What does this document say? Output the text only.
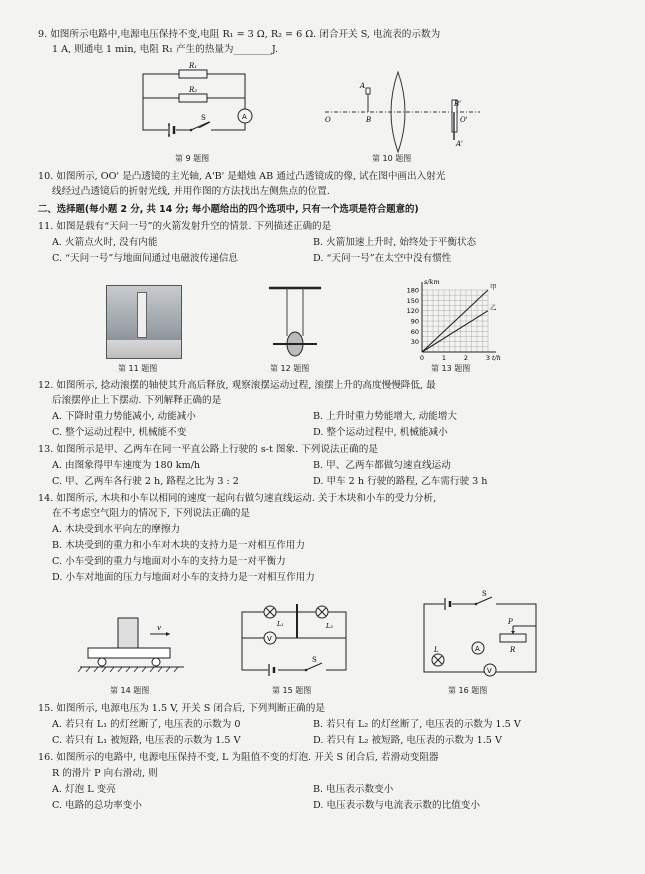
9. 如图所示电路中,电源电压保持不变,电阻 R₁ = 3 Ω, R₂ = 6 Ω. 闭合开关 S, 电流表的示数为
1 A, 则通电 1 min, 电阻 R₁ 产生的热量为________J.
R₁
R₂
A
S
第 9 题图
O	O'
A
B
B'
A'
第 10 题图
10. 如图所示, OO' 是凸透镜的主光轴, A'B' 是蜡烛 AB 通过凸透镜成的像, 试在图中画出入射光
线经过凸透镜后的折射光线, 并用作图的方法找出左侧焦点的位置.
二、选择题(每小题 2 分, 共 14 分; 每小题给出的四个选项中, 只有一个选项是符合题意的)
11. 如图是载有“天问一号”的火箭发射升空的情景. 下列描述正确的是
A. 火箭点火时, 没有内能	B. 火箭加速上升时, 始终处于平衡状态
C. “天问一号”与地面间通过电磁波传递信息	D. “天问一号”在太空中没有惯性
第 11 题图	第 12 题图
30
60
90
120
150
180
0	1	2	3
s/km
t/h
甲
乙
第 13 题图
12. 如图所示, 捻动滚摆的轴使其升高后释放, 观察滚摆运动过程, 滚摆上升的高度慢慢降低, 最
后滚摆停止上下摆动. 下列解释正确的是
A. 下降时重力势能减小, 动能减小	B. 上升时重力势能增大, 动能增大
C. 整个运动过程中, 机械能不变	D. 整个运动过程中, 机械能减小
13. 如图所示是甲、乙两车在同一平直公路上行驶的 s-t 图象. 下列说法正确的是
A. 由图象得甲车速度为 180 km/h	B. 甲、乙两车都做匀速直线运动
C. 甲、乙两车各行驶 2 h, 路程之比为 3 : 2	D. 甲车 2 h 行驶的路程, 乙车需行驶 3 h
14. 如图所示, 木块和小车以相同的速度一起向右做匀速直线运动. 关于木块和小车的受力分析,
在不考虑空气阻力的情况下, 下列说法正确的是
A. 木块受到水平向左的摩擦力
B. 木块受到的重力和小车对木块的支持力是一对相互作用力
C. 小车受到的重力与地面对小车的支持力是一对平衡力
D. 小车对地面的压力与地面对小车的支持力是一对相互作用力
v
第 14 题图
L₁	L₂
V
S
第 15 题图
L	A
V
P
R
S
第 16 题图
15. 如图所示, 电源电压为 1.5 V, 开关 S 闭合后, 下列判断正确的是
A. 若只有 L₁ 的灯丝断了, 电压表的示数为 0	B. 若只有 L₂ 的灯丝断了, 电压表的示数为 1.5 V
C. 若只有 L₁ 被短路, 电压表的示数为 1.5 V	D. 若只有 L₂ 被短路, 电压表的示数为 1.5 V
16. 如图所示的电路中, 电源电压保持不变, L 为阻值不变的灯泡. 开关 S 闭合后, 若滑动变阻器
R 的滑片 P 向右滑动, 则
A. 灯泡 L 变亮	B. 电压表示数变小
C. 电路的总功率变小	D. 电压表示数与电流表示数的比值变小
